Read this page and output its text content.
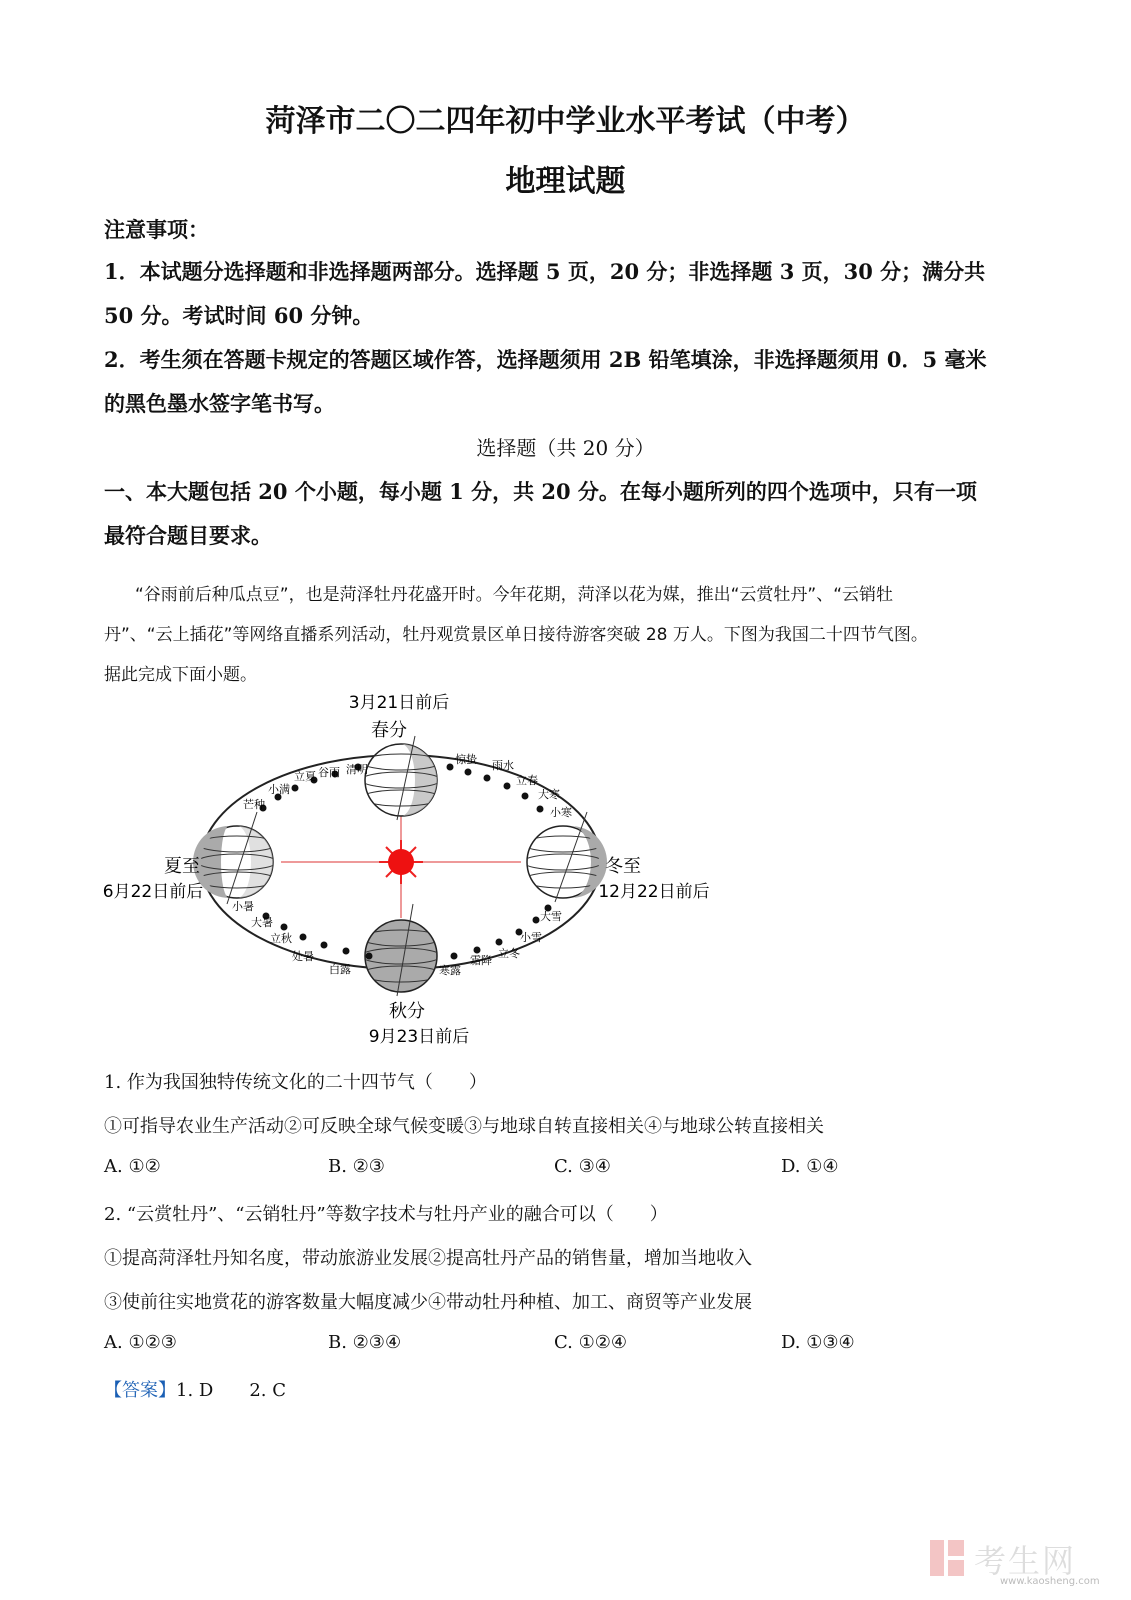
菏泽市二〇二四年初中学业水平考试（中考）
地理试题
注意事项：
1．本试题分选择题和非选择题两部分。选择题 5 页，20 分；非选择题 3 页，30 分；满分共
50 分。考试时间 60 分钟。
2．考生须在答题卡规定的答题区域作答，选择题须用 2B 铅笔填涂，非选择题须用 0．5 毫米
的黑色墨水签字笔书写。
选择题（共 20 分）
一、本大题包括 20 个小题，每小题 1 分，共 20 分。在每小题所列的四个选项中，只有一项
最符合题目要求。
“谷雨前后种瓜点豆”，也是菏泽牡丹花盛开时。今年花期，菏泽以花为媒，推出“云赏牡丹”、“云销牡
丹”、“云上插花”等网络直播系列活动，牡丹观赏景区单日接待游客突破 28 万人。下图为我国二十四节气图。
据此完成下面小题。
3月21日前后
春分
夏至
6月22日前后
冬至
12月22日前后
秋分
9月23日前后
清明
谷雨
立夏
小满
芒种
惊蛰 雨水
立春
大寒
小寒
小暑
大暑
立秋
处暑
白露	寒露
霜降
立冬
小雪
大雪
1. 作为我国独特传统文化的二十四节气（　　）
①可指导农业生产活动②可反映全球气候变暖③与地球自转直接相关④与地球公转直接相关
A. ①②	B. ②③	C. ③④	D. ①④
2. “云赏牡丹”、“云销牡丹”等数字技术与牡丹产业的融合可以（　　）
①提高菏泽牡丹知名度，带动旅游业发展②提高牡丹产品的销售量，增加当地收入
③使前往实地赏花的游客数量大幅度减少④带动牡丹种植、加工、商贸等产业发展
A. ①②③	B. ②③④	C. ①②④	D. ①③④
【答案】1. D　　2. C
考生网
www.kaosheng.com
